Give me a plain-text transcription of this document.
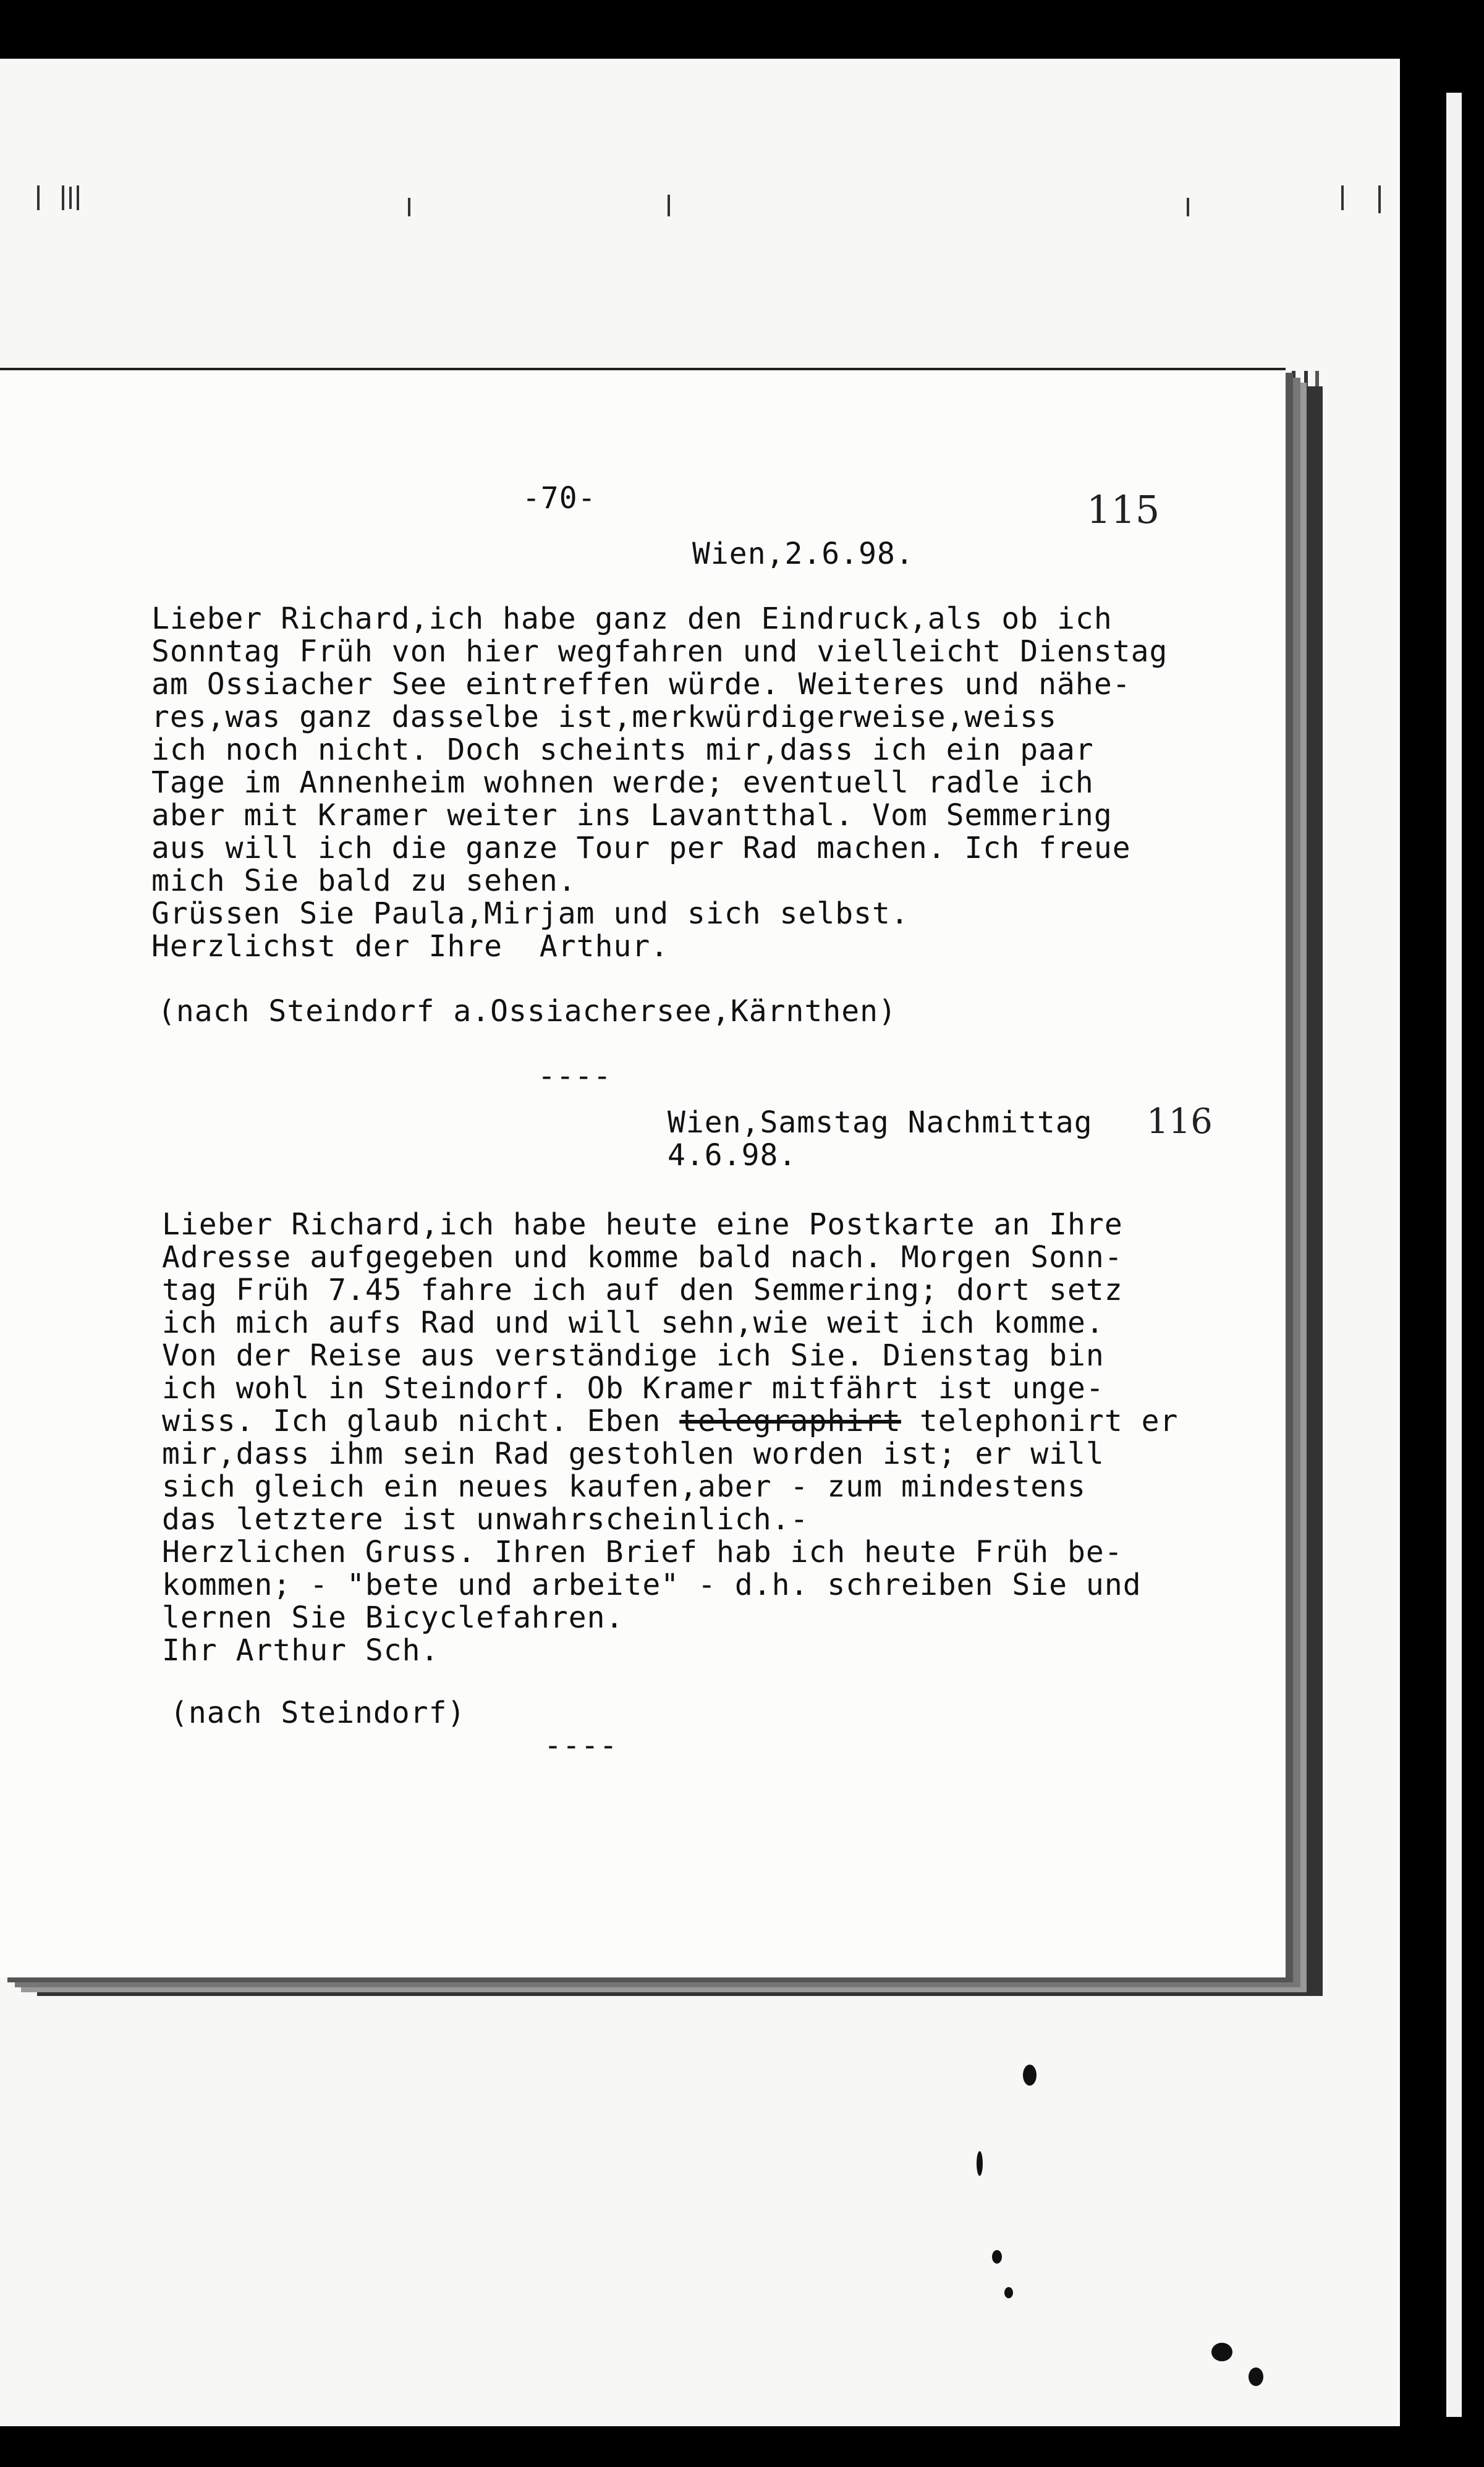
-70-	115
Wien,2.6.98.
Lieber Richard,ich habe ganz den Eindruck,als ob ich
Sonntag Früh von hier wegfahren und vielleicht Dienstag
am Ossiacher See eintreffen würde. Weiteres und nähe-
res,was ganz dasselbe ist,merkwürdigerweise,weiss
ich noch nicht. Doch scheints mir,dass ich ein paar
Tage im Annenheim wohnen werde; eventuell radle ich
aber mit Kramer weiter ins Lavantthal. Vom Semmering
aus will ich die ganze Tour per Rad machen. Ich freue
mich Sie bald zu sehen.
Grüssen Sie Paula,Mirjam und sich selbst.
Herzlichst der Ihre  Arthur.
(nach Steindorf a.Ossiachersee,Kärnthen)
----
Wien,Samstag Nachmittag 116
4.6.98.
Lieber Richard,ich habe heute eine Postkarte an Ihre
Adresse aufgegeben und komme bald nach. Morgen Sonn-
tag Früh 7.45 fahre ich auf den Semmering; dort setz
ich mich aufs Rad und will sehn,wie weit ich komme.
Von der Reise aus verständige ich Sie. Dienstag bin
ich wohl in Steindorf. Ob Kramer mitfährt ist unge-
wiss. Ich glaub nicht. Eben telegraphirt telephonirt er
mir,dass ihm sein Rad gestohlen worden ist; er will
sich gleich ein neues kaufen,aber - zum mindestens
das letztere ist unwahrscheinlich.-
Herzlichen Gruss. Ihren Brief hab ich heute Früh be-
kommen; - "bete und arbeite" - d.h. schreiben Sie und
lernen Sie Bicyclefahren.
Ihr Arthur Sch.
(nach Steindorf)
----
